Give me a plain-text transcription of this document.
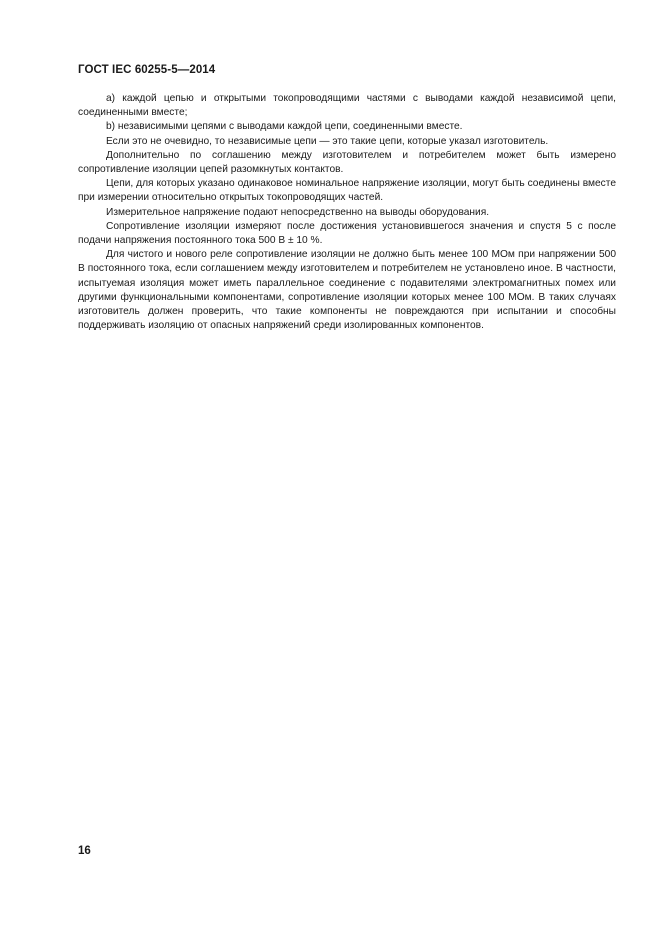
ГОСТ IEC 60255-5—2014

а) каждой цепью и открытыми токопроводящими частями с выводами каждой независимой цепи, соединенными вместе;

b) независимыми цепями с выводами каждой цепи, соединенными вместе.

Если это не очевидно, то независимые цепи — это такие цепи, которые указал изготовитель.

Дополнительно по соглашению между изготовителем и потребителем может быть измерено сопротивление изоляции цепей разомкнутых контактов.

Цепи, для которых указано одинаковое номинальное напряжение изоляции, могут быть соединены вместе при измерении относительно открытых токопроводящих частей.

Измерительное напряжение подают непосредственно на выводы оборудования.

Сопротивление изоляции измеряют после достижения установившегося значения и спустя 5 с после подачи напряжения постоянного тока 500 В ± 10 %.

Для чистого и нового реле сопротивление изоляции не должно быть менее 100 МОм при напряжении 500 В постоянного тока, если соглашением между изготовителем и потребителем не установлено иное. В частности, испытуемая изоляция может иметь параллельное соединение с подавителями электромагнитных помех или другими функциональными компонентами, сопротивление изоляции которых менее 100 МОм. В таких случаях изготовитель должен проверить, что такие компоненты не повреждаются при испытании и способны поддерживать изоляцию от опасных напряжений среди изолированных компонентов.

16
